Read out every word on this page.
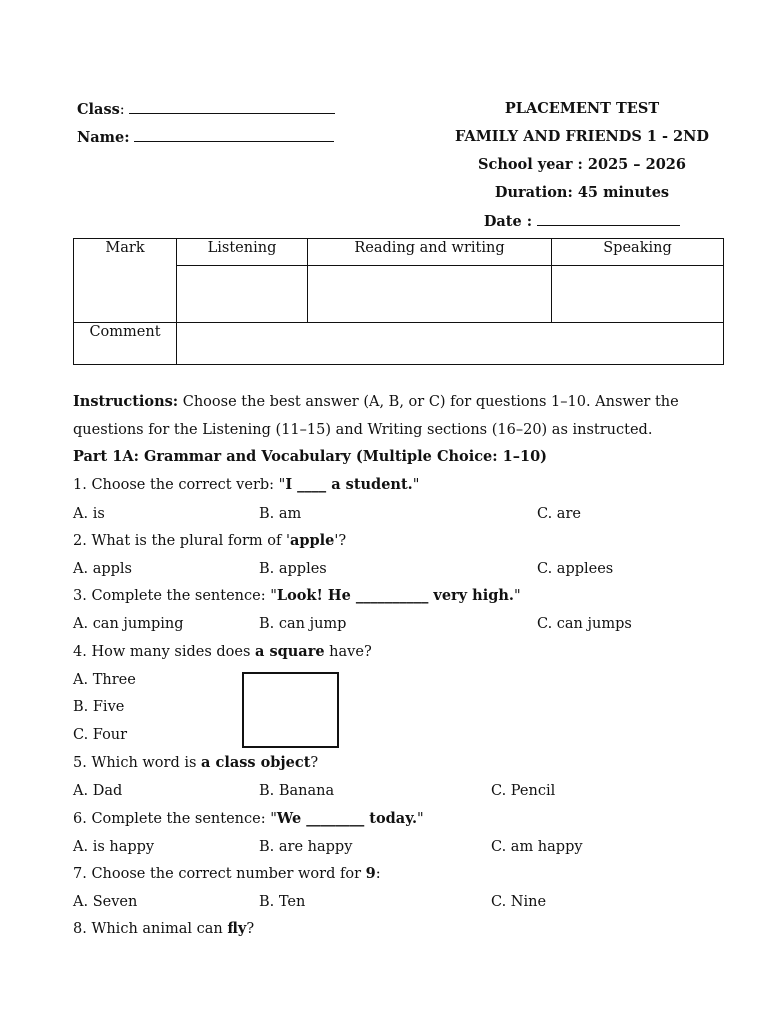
Class:
Name:
PLACEMENT TEST
FAMILY AND FRIENDS 1 - 2ND
School year : 2025 – 2026
Duration: 45 minutes
Date :
Mark	Listening	Reading and writing	Speaking

Comment			
Instructions: Choose the best answer (A, B, or C) for questions 1–10. Answer the
questions for the Listening (11–15) and Writing sections (16–20) as instructed.
Part 1A: Grammar and Vocabulary (Multiple Choice: 1–10)
1. Choose the correct verb: "I ____ a student."
A. is	B. am	C. are
2. What is the plural form of 'apple'?
A. appls	B. apples	C. applees
3. Complete the sentence: "Look! He __________ very high."
A. can jumping	B. can jump	C. can jumps
4. How many sides does a square have?
A. Three
B. Five
C. Four
5. Which word is a class object?
A. Dad	B. Banana	C. Pencil
6. Complete the sentence: "We ________ today."
A. is happy	B. are happy	C. am happy
7. Choose the correct number word for 9:
A. Seven	B. Ten	C. Nine
8. Which animal can fly?
